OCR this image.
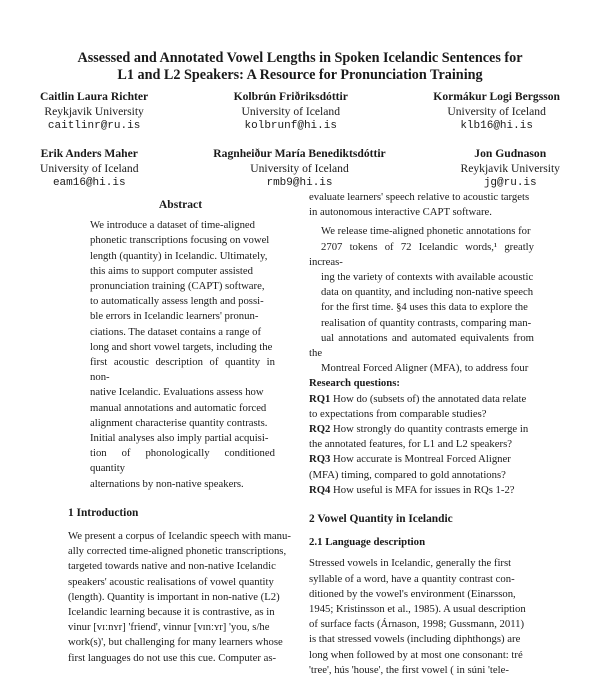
Assessed and Annotated Vowel Lengths in Spoken Icelandic Sentences for
L1 and L2 Speakers: A Resource for Pronunciation Training
Caitlin Laura Richter
Reykjavik University
caitlinr@ru.is
Kolbrún Friðriksdóttir
University of Iceland
kolbrunf@hi.is
Kormákur Logi Bergsson
University of Iceland
klb16@hi.is
Erik Anders Maher
University of Iceland
eam16@hi.is
Ragnheiður María Benediktsdóttir
University of Iceland
rmb9@hi.is
Jon Gudnason
Reykjavik University
jg@ru.is
Abstract
We introduce a dataset of time-aligned
phonetic transcriptions focusing on vowel
length (quantity) in Icelandic. Ultimately,
this aims to support computer assisted
pronunciation training (CAPT) software,
to automatically assess length and possi-
ble errors in Icelandic learners' pronun-
ciations. The dataset contains a range of
long and short vowel targets, including the
first acoustic description of quantity in non-
native Icelandic. Evaluations assess how
manual annotations and automatic forced
alignment characterise quantity contrasts.
Initial analyses also imply partial acquisi-
tion of phonologically conditioned quantity
alternations by non-native speakers.
1 Introduction
We present a corpus of Icelandic speech with manu-
ally corrected time-aligned phonetic transcriptions,
targeted towards native and non-native Icelandic
speakers' acoustic realisations of vowel quantity
(length). Quantity is important in non-native (L2)
Icelandic learning because it is contrastive, as in
vinur [vɪːnʏr] 'friend', vinnur [vɪnːʏr] 'you, s/he
work(s)', but challenging for many learners whose
first languages do not use this cue. Computer as-
evaluate learners' speech relative to acoustic targets
in autonomous interactive CAPT software.
We release time-aligned phonetic annotations for
2707 tokens of 72 Icelandic words,¹ greatly increas-
ing the variety of contexts with available acoustic
data on quantity, and including non-native speech
for the first time. §4 uses this data to explore the
realisation of quantity contrasts, comparing man-
ual annotations and automated equivalents from the
Montreal Forced Aligner (MFA), to address four
Research questions:
RQ1 How do (subsets of) the annotated data relate
to expectations from comparable studies?
RQ2 How strongly do quantity contrasts emerge in
the annotated features, for L1 and L2 speakers?
RQ3 How accurate is Montreal Forced Aligner
(MFA) timing, compared to gold annotations?
RQ4 How useful is MFA for issues in RQs 1-2?
2 Vowel Quantity in Icelandic
2.1 Language description
Stressed vowels in Icelandic, generally the first
syllable of a word, have a quantity contrast con-
ditioned by the vowel's environment (Einarsson,
1945; Kristinsson et al., 1985). A usual description
of surface facts (Árnason, 1998; Gussmann, 2011)
is that stressed vowels (including diphthongs) are
long when followed by at most one consonant: tré
'tree', hús 'house', the first vowel ( in súni 'tele-
